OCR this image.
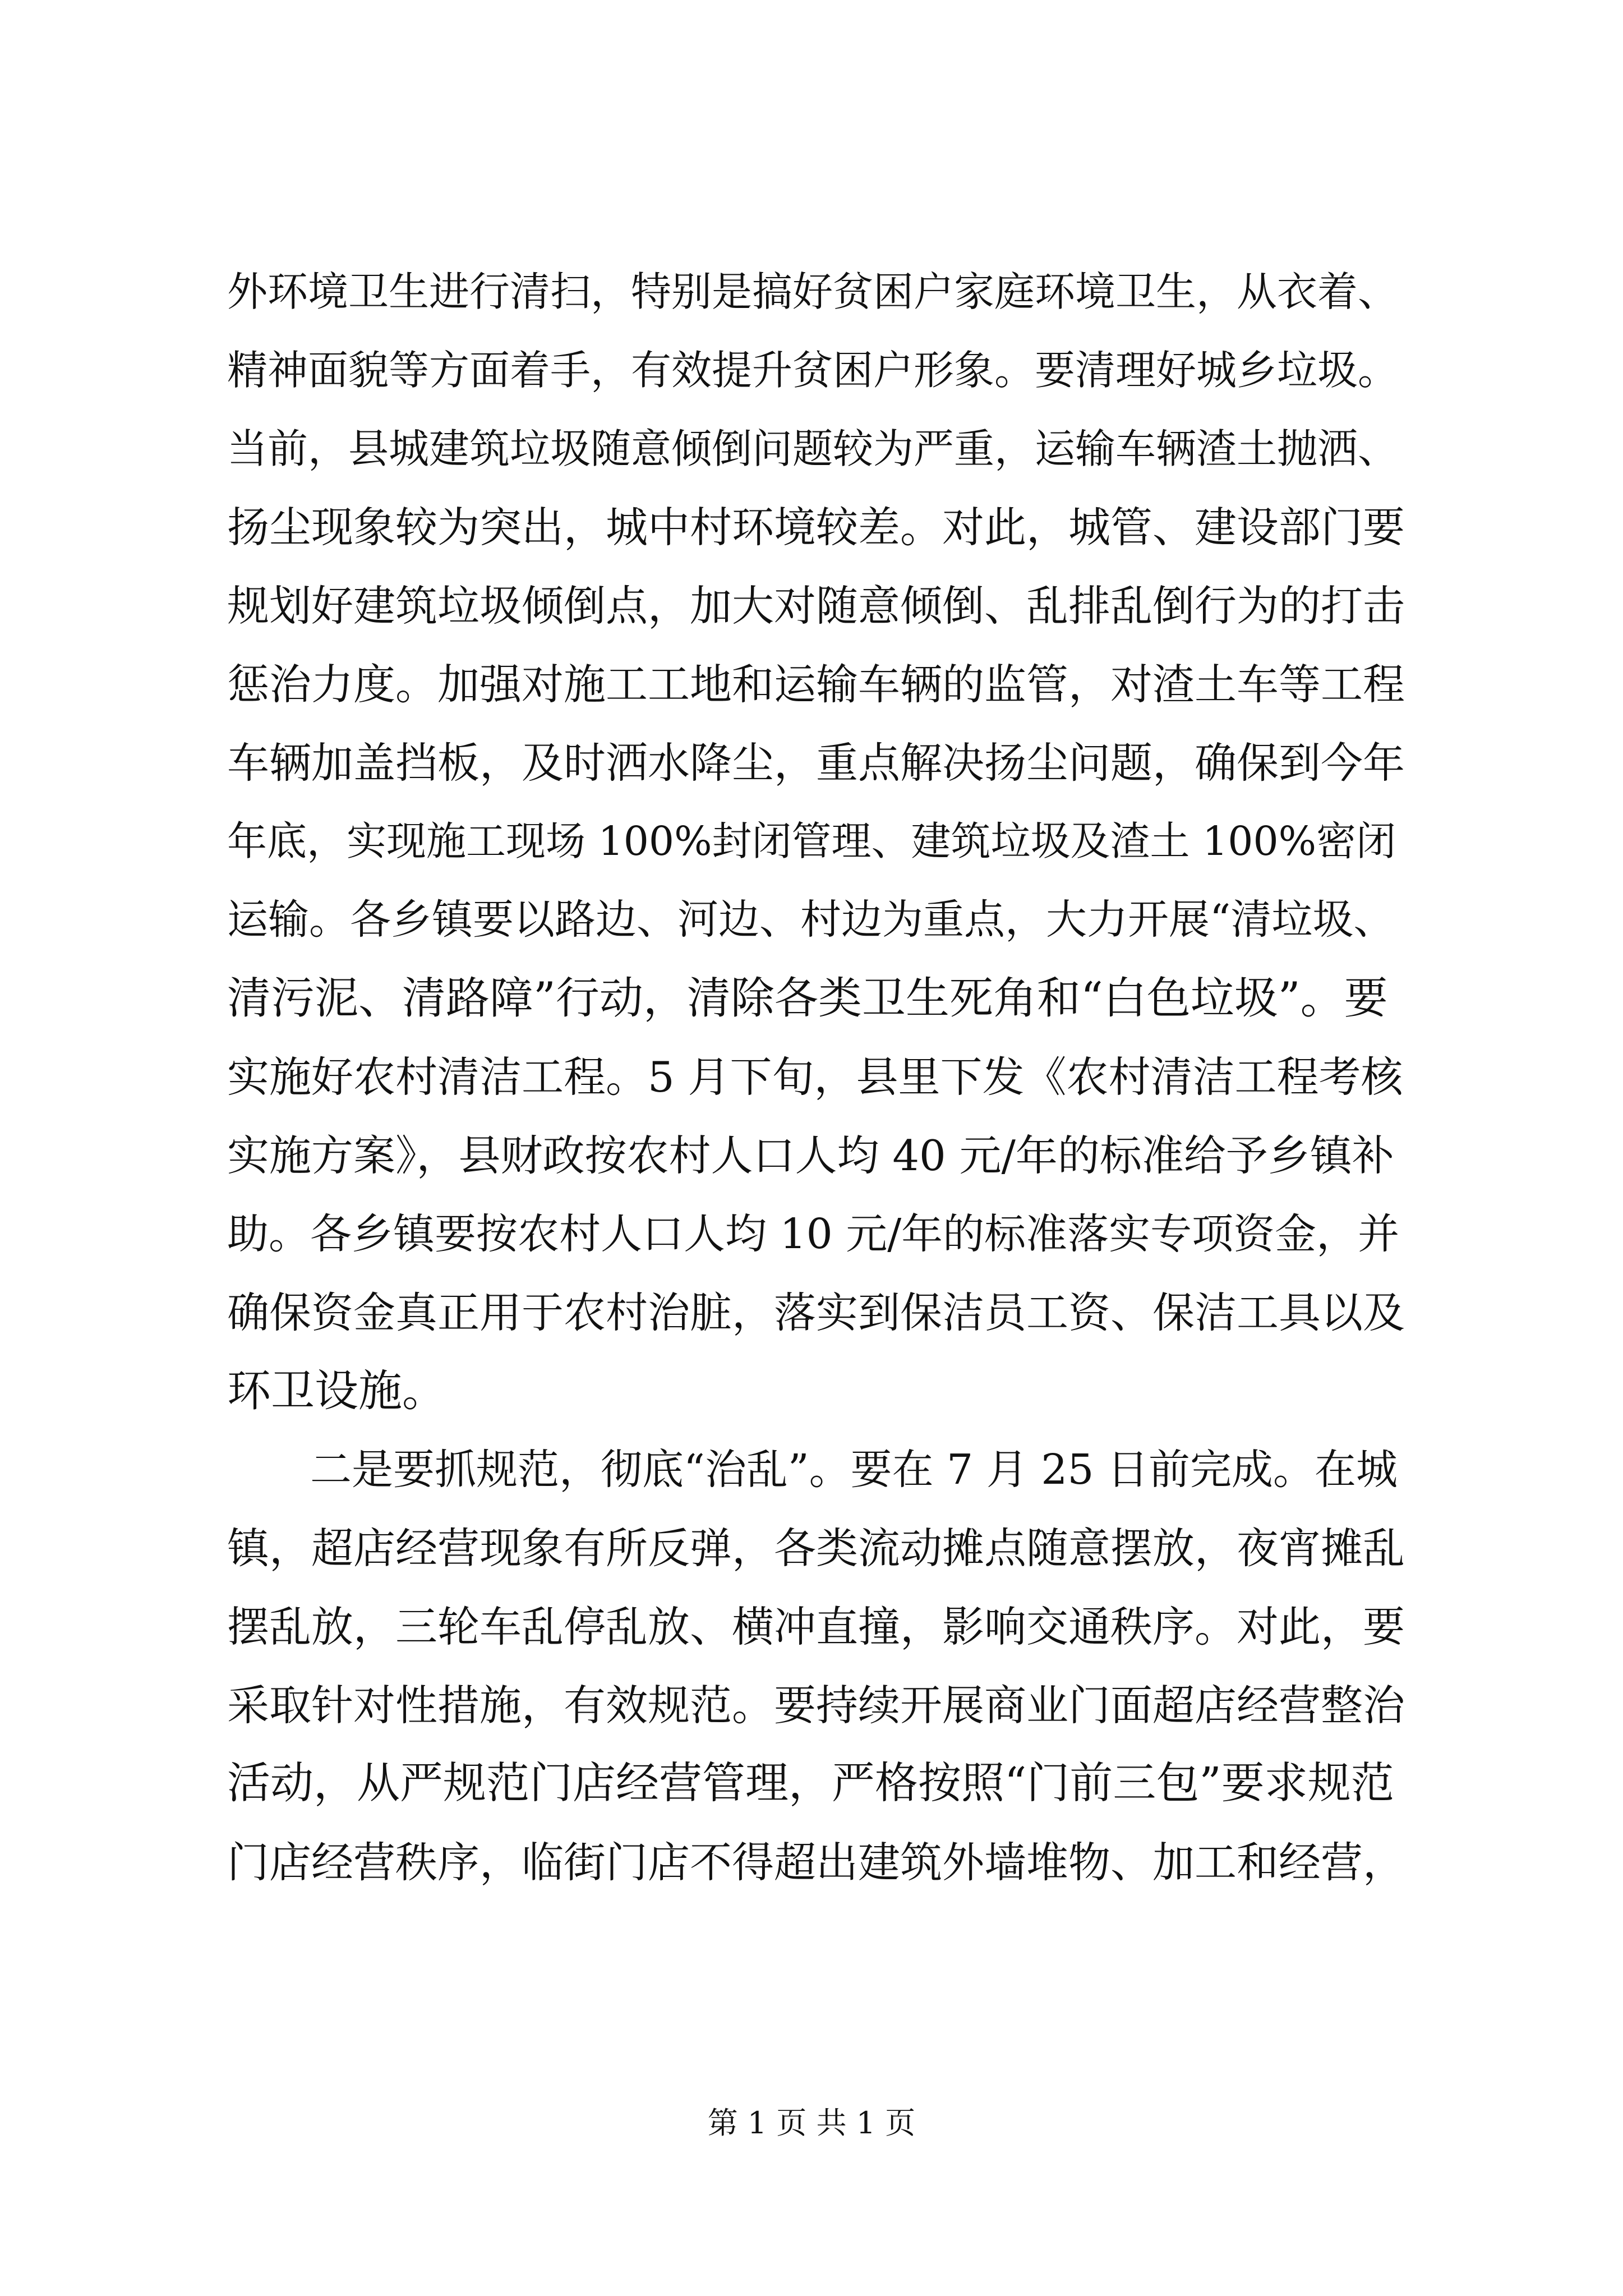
外环境卫生进行清扫，特别是搞好贫困户家庭环境卫生，从衣着、
精神面貌等方面着手，有效提升贫困户形象。要清理好城乡垃圾。
当前，县城建筑垃圾随意倾倒问题较为严重，运输车辆渣土抛洒、
扬尘现象较为突出，城中村环境较差。对此，城管、建设部门要
规划好建筑垃圾倾倒点，加大对随意倾倒、乱排乱倒行为的打击
惩治力度。加强对施工工地和运输车辆的监管，对渣土车等工程
车辆加盖挡板，及时洒水降尘，重点解决扬尘问题，确保到今年
年底，实现施工现场 100%封闭管理、建筑垃圾及渣土 100%密闭
运输。各乡镇要以路边、河边、村边为重点，大力开展“清垃圾、
清污泥、清路障”行动，清除各类卫生死角和“白色垃圾”。要
实施好农村清洁工程。5 月下旬，县里下发《农村清洁工程考核
实施方案》，县财政按农村人口人均 40 元/年的标准给予乡镇补
助。各乡镇要按农村人口人均 10 元/年的标准落实专项资金，并
确保资金真正用于农村治脏，落实到保洁员工资、保洁工具以及
环卫设施。
　　二是要抓规范，彻底“治乱”。要在 7 月 25 日前完成。在城
镇，超店经营现象有所反弹，各类流动摊点随意摆放，夜宵摊乱
摆乱放，三轮车乱停乱放、横冲直撞，影响交通秩序。对此，要
采取针对性措施，有效规范。要持续开展商业门面超店经营整治
活动，从严规范门店经营管理，严格按照“门前三包”要求规范
门店经营秩序，临街门店不得超出建筑外墙堆物、加工和经营，
第 1 页 共 1 页
